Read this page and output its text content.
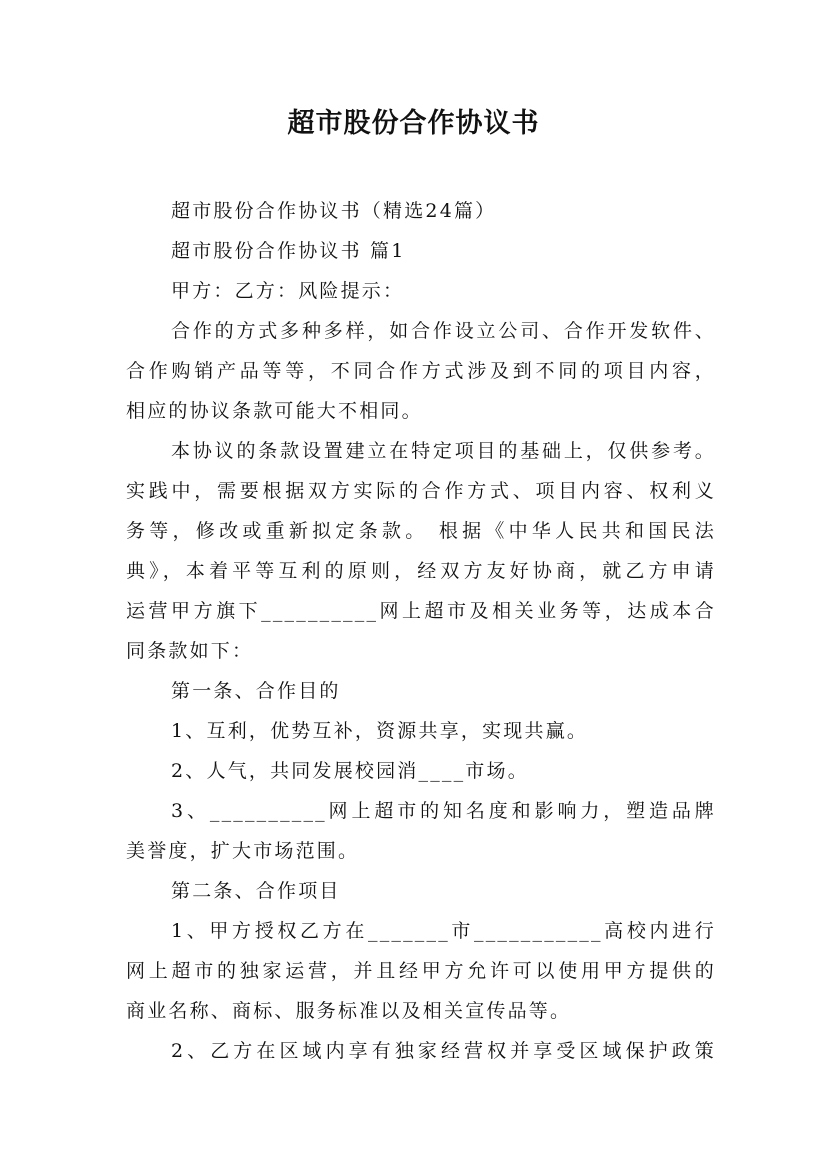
超市股份合作协议书
超市股份合作协议书（精选24篇）
超市股份合作协议书 篇1
甲方：乙方：风险提示：
合作的方式多种多样，如合作设立公司、合作开发软件、
合作购销产品等等，不同合作方式涉及到不同的项目内容，
相应的协议条款可能大不相同。
本协议的条款设置建立在特定项目的基础上，仅供参考。
实践中，需要根据双方实际的合作方式、项目内容、权利义
务等，修改或重新拟定条款。 根据《中华人民共和国民法
典》，本着平等互利的原则，经双方友好协商，就乙方申请
运营甲方旗下__________网上超市及相关业务等，达成本合
同条款如下：
第一条、合作目的
1、互利，优势互补，资源共享，实现共赢。
2、人气，共同发展校园消____市场。
3、__________网上超市的知名度和影响力，塑造品牌
美誉度，扩大市场范围。
第二条、合作项目
1、甲方授权乙方在_______市___________高校内进行
网上超市的独家运营，并且经甲方允许可以使用甲方提供的
商业名称、商标、服务标准以及相关宣传品等。
2、乙方在区域内享有独家经营权并享受区域保护政策
